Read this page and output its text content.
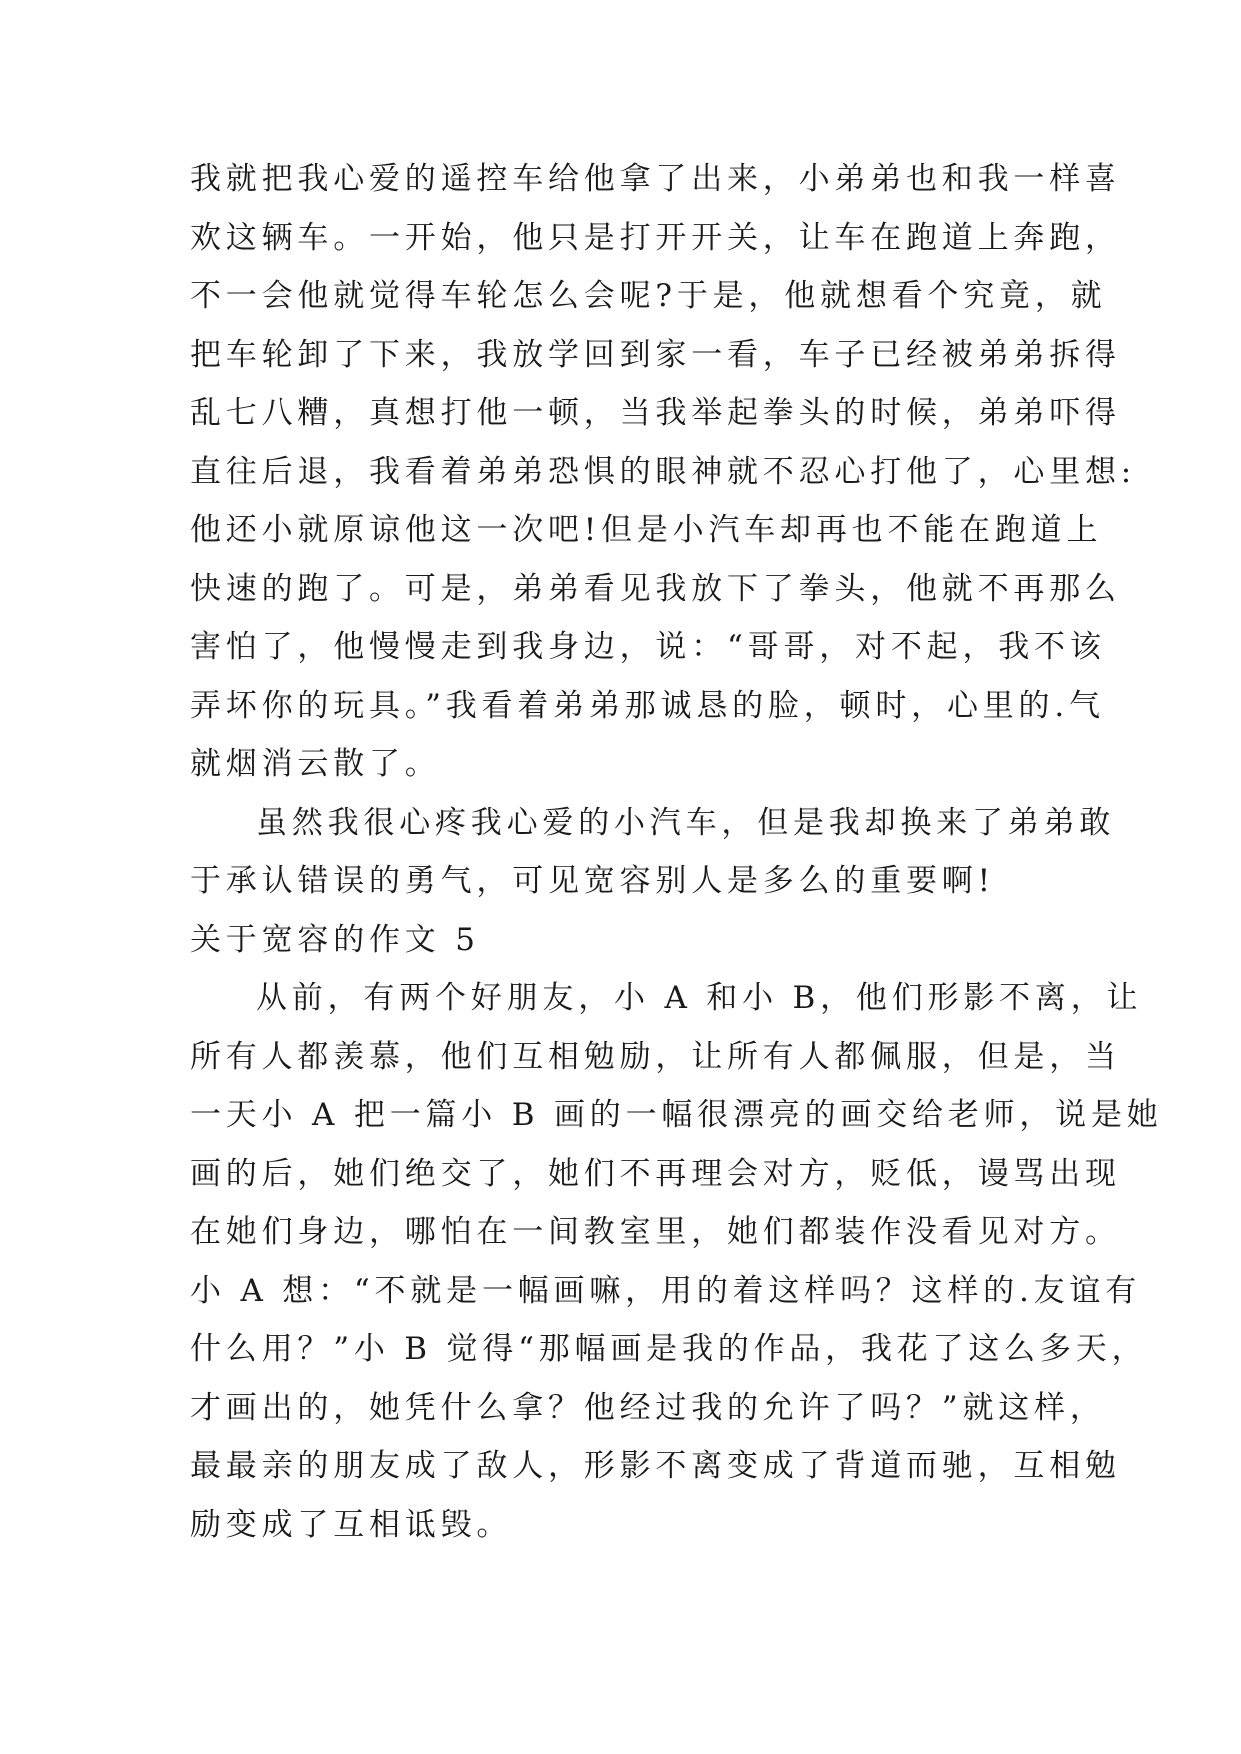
我就把我心爱的遥控车给他拿了出来，小弟弟也和我一样喜
欢这辆车。一开始，他只是打开开关，让车在跑道上奔跑，
不一会他就觉得车轮怎么会呢?于是，他就想看个究竟，就
把车轮卸了下来，我放学回到家一看，车子已经被弟弟拆得
乱七八糟，真想打他一顿，当我举起拳头的时候，弟弟吓得
直往后退，我看着弟弟恐惧的眼神就不忍心打他了，心里想:
他还小就原谅他这一次吧!但是小汽车却再也不能在跑道上
快速的跑了。可是，弟弟看见我放下了拳头，他就不再那么
害怕了，他慢慢走到我身边，说：“哥哥，对不起，我不该
弄坏你的玩具。”我看着弟弟那诚恳的脸，顿时，心里的.气
就烟消云散了。
虽然我很心疼我心爱的小汽车，但是我却换来了弟弟敢
于承认错误的勇气，可见宽容别人是多么的重要啊!
关于宽容的作文 5
从前，有两个好朋友，小 A 和小 B，他们形影不离，让
所有人都羡慕，他们互相勉励，让所有人都佩服，但是，当
一天小 A 把一篇小 B 画的一幅很漂亮的画交给老师，说是她
画的后，她们绝交了，她们不再理会对方，贬低，谩骂出现
在她们身边，哪怕在一间教室里，她们都装作没看见对方。
小 A 想：“不就是一幅画嘛，用的着这样吗？这样的.友谊有
什么用？”小 B 觉得“那幅画是我的作品，我花了这么多天，
才画出的，她凭什么拿？他经过我的允许了吗？”就这样，
最最亲的朋友成了敌人，形影不离变成了背道而驰，互相勉
励变成了互相诋毁。
